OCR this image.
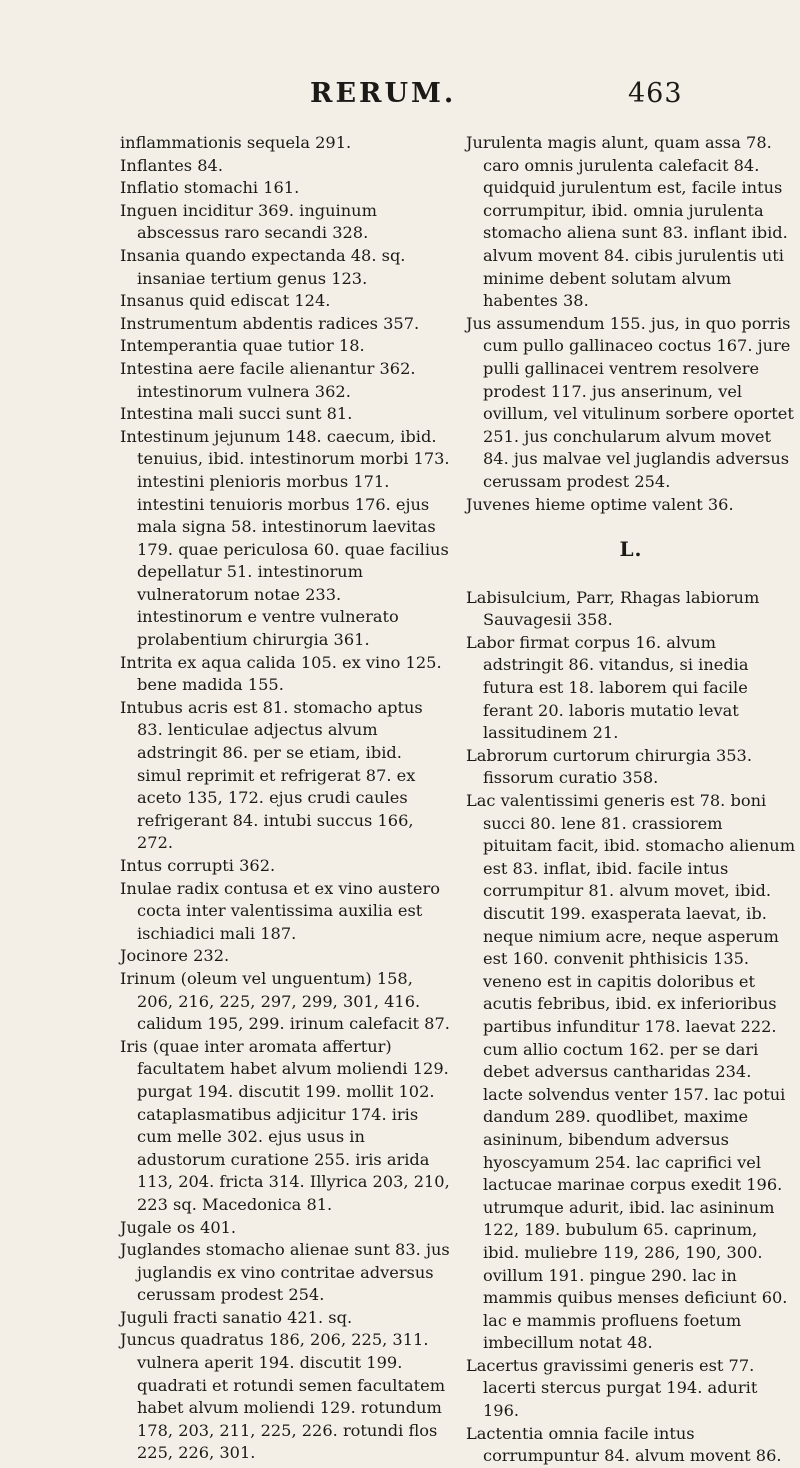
RERUM.	463

inflammationis sequela 291.

Inflantes 84.

Inflatio stomachi 161.

Inguen inciditur 369. inguinum abscessus raro secandi 328.

Insania quando expectanda 48. sq. insaniae tertium genus 123.

Insanus quid ediscat 124.

Instrumentum abdentis radices 357.

Intemperantia quae tutior 18.

Intestina aere facile alienantur 362. intestinorum vulnera 362.

Intestina mali succi sunt 81.

Intestinum jejunum 148. caecum, ibid. tenuius, ibid. intestinorum morbi 173. intestini plenioris morbus 171. intestini tenuioris morbus 176. ejus mala signa 58. intestinorum laevitas 179. quae periculosa 60. quae facilius depellatur 51. intestinorum vulneratorum notae 233. intestinorum e ventre vulnerato prolabentium chirurgia 361.

Intrita ex aqua calida 105. ex vino 125. bene madida 155.

Intubus acris est 81. stomacho aptus 83. lenticulae adjectus alvum adstringit 86. per se etiam, ibid. simul reprimit et refrigerat 87. ex aceto 135, 172. ejus crudi caules refrigerant 84. intubi succus 166, 272.

Intus corrupti 362.

Inulae radix contusa et ex vino austero cocta inter valentissima auxilia est ischiadici mali 187.

Jocinore 232.

Irinum (oleum vel unguentum) 158, 206, 216, 225, 297, 299, 301, 416. calidum 195, 299. irinum calefacit 87.

Iris (quae inter aromata affertur) facultatem habet alvum moliendi 129. purgat 194. discutit 199. mollit 102. cataplasmatibus adjicitur 174. iris cum melle 302. ejus usus in adustorum curatione 255. iris arida 113, 204. fricta 314. Illyrica 203, 210, 223 sq. Macedonica 81.

Jugale os 401.

Juglandes stomacho alienae sunt 83. jus juglandis ex vino contritae adversus cerussam prodest 254.

Juguli fracti sanatio 421. sq.

Juncus quadratus 186, 206, 225, 311. vulnera aperit 194. discutit 199. quadrati et rotundi semen facultatem habet alvum moliendi 129. rotundum 178, 203, 211, 225, 226. rotundi flos 225, 226, 301.

Jurulenta magis alunt, quam assa 78. caro omnis jurulenta calefacit 84. quidquid jurulentum est, facile intus corrumpitur, ibid. omnia jurulenta stomacho aliena sunt 83. inflant ibid. alvum movent 84. cibis jurulentis uti minime debent solutam alvum habentes 38.

Jus assumendum 155. jus, in quo porris cum pullo gallinaceo coctus 167. jure pulli gallinacei ventrem resolvere prodest 117. jus anserinum, vel ovillum, vel vitulinum sorbere oportet 251. jus conchularum alvum movet 84. jus malvae vel juglandis adversus cerussam prodest 254.

Juvenes hieme optime valent 36.

L.

Labisulcium, Parr, Rhagas labiorum Sauvagesii 358.

Labor firmat corpus 16. alvum adstringit 86. vitandus, si inedia futura est 18. laborem qui facile ferant 20. laboris mutatio levat lassitudinem 21.

Labrorum curtorum chirurgia 353. fissorum curatio 358.

Lac valentissimi generis est 78. boni succi 80. lene 81. crassiorem pituitam facit, ibid. stomacho alienum est 83. inflat, ibid. facile intus corrumpitur 81. alvum movet, ibid. discutit 199. exasperata laevat, ib. neque nimium acre, neque asperum est 160. convenit phthisicis 135. veneno est in capitis doloribus et acutis febribus, ibid. ex inferioribus partibus infunditur 178. laevat 222. cum allio coctum 162. per se dari debet adversus cantharidas 234. lacte solvendus venter 157. lac potui dandum 289. quodlibet, maxime asininum, bibendum adversus hyoscyamum 254. lac caprifici vel lactucae marinae corpus exedit 196. utrumque adurit, ibid. lac asininum 122, 189. bubulum 65. caprinum, ibid. muliebre 119, 286, 190, 300. ovillum 191. pingue 290. lac in mammis quibus menses deficiunt 60. lac e mammis profluens foetum imbecillum notat 48.

Lacertus gravissimi generis est 77. lacerti stercus purgat 194. adurit 196.

Lactentia omnia facile intus corrumpuntur 84. alvum movent 86.
